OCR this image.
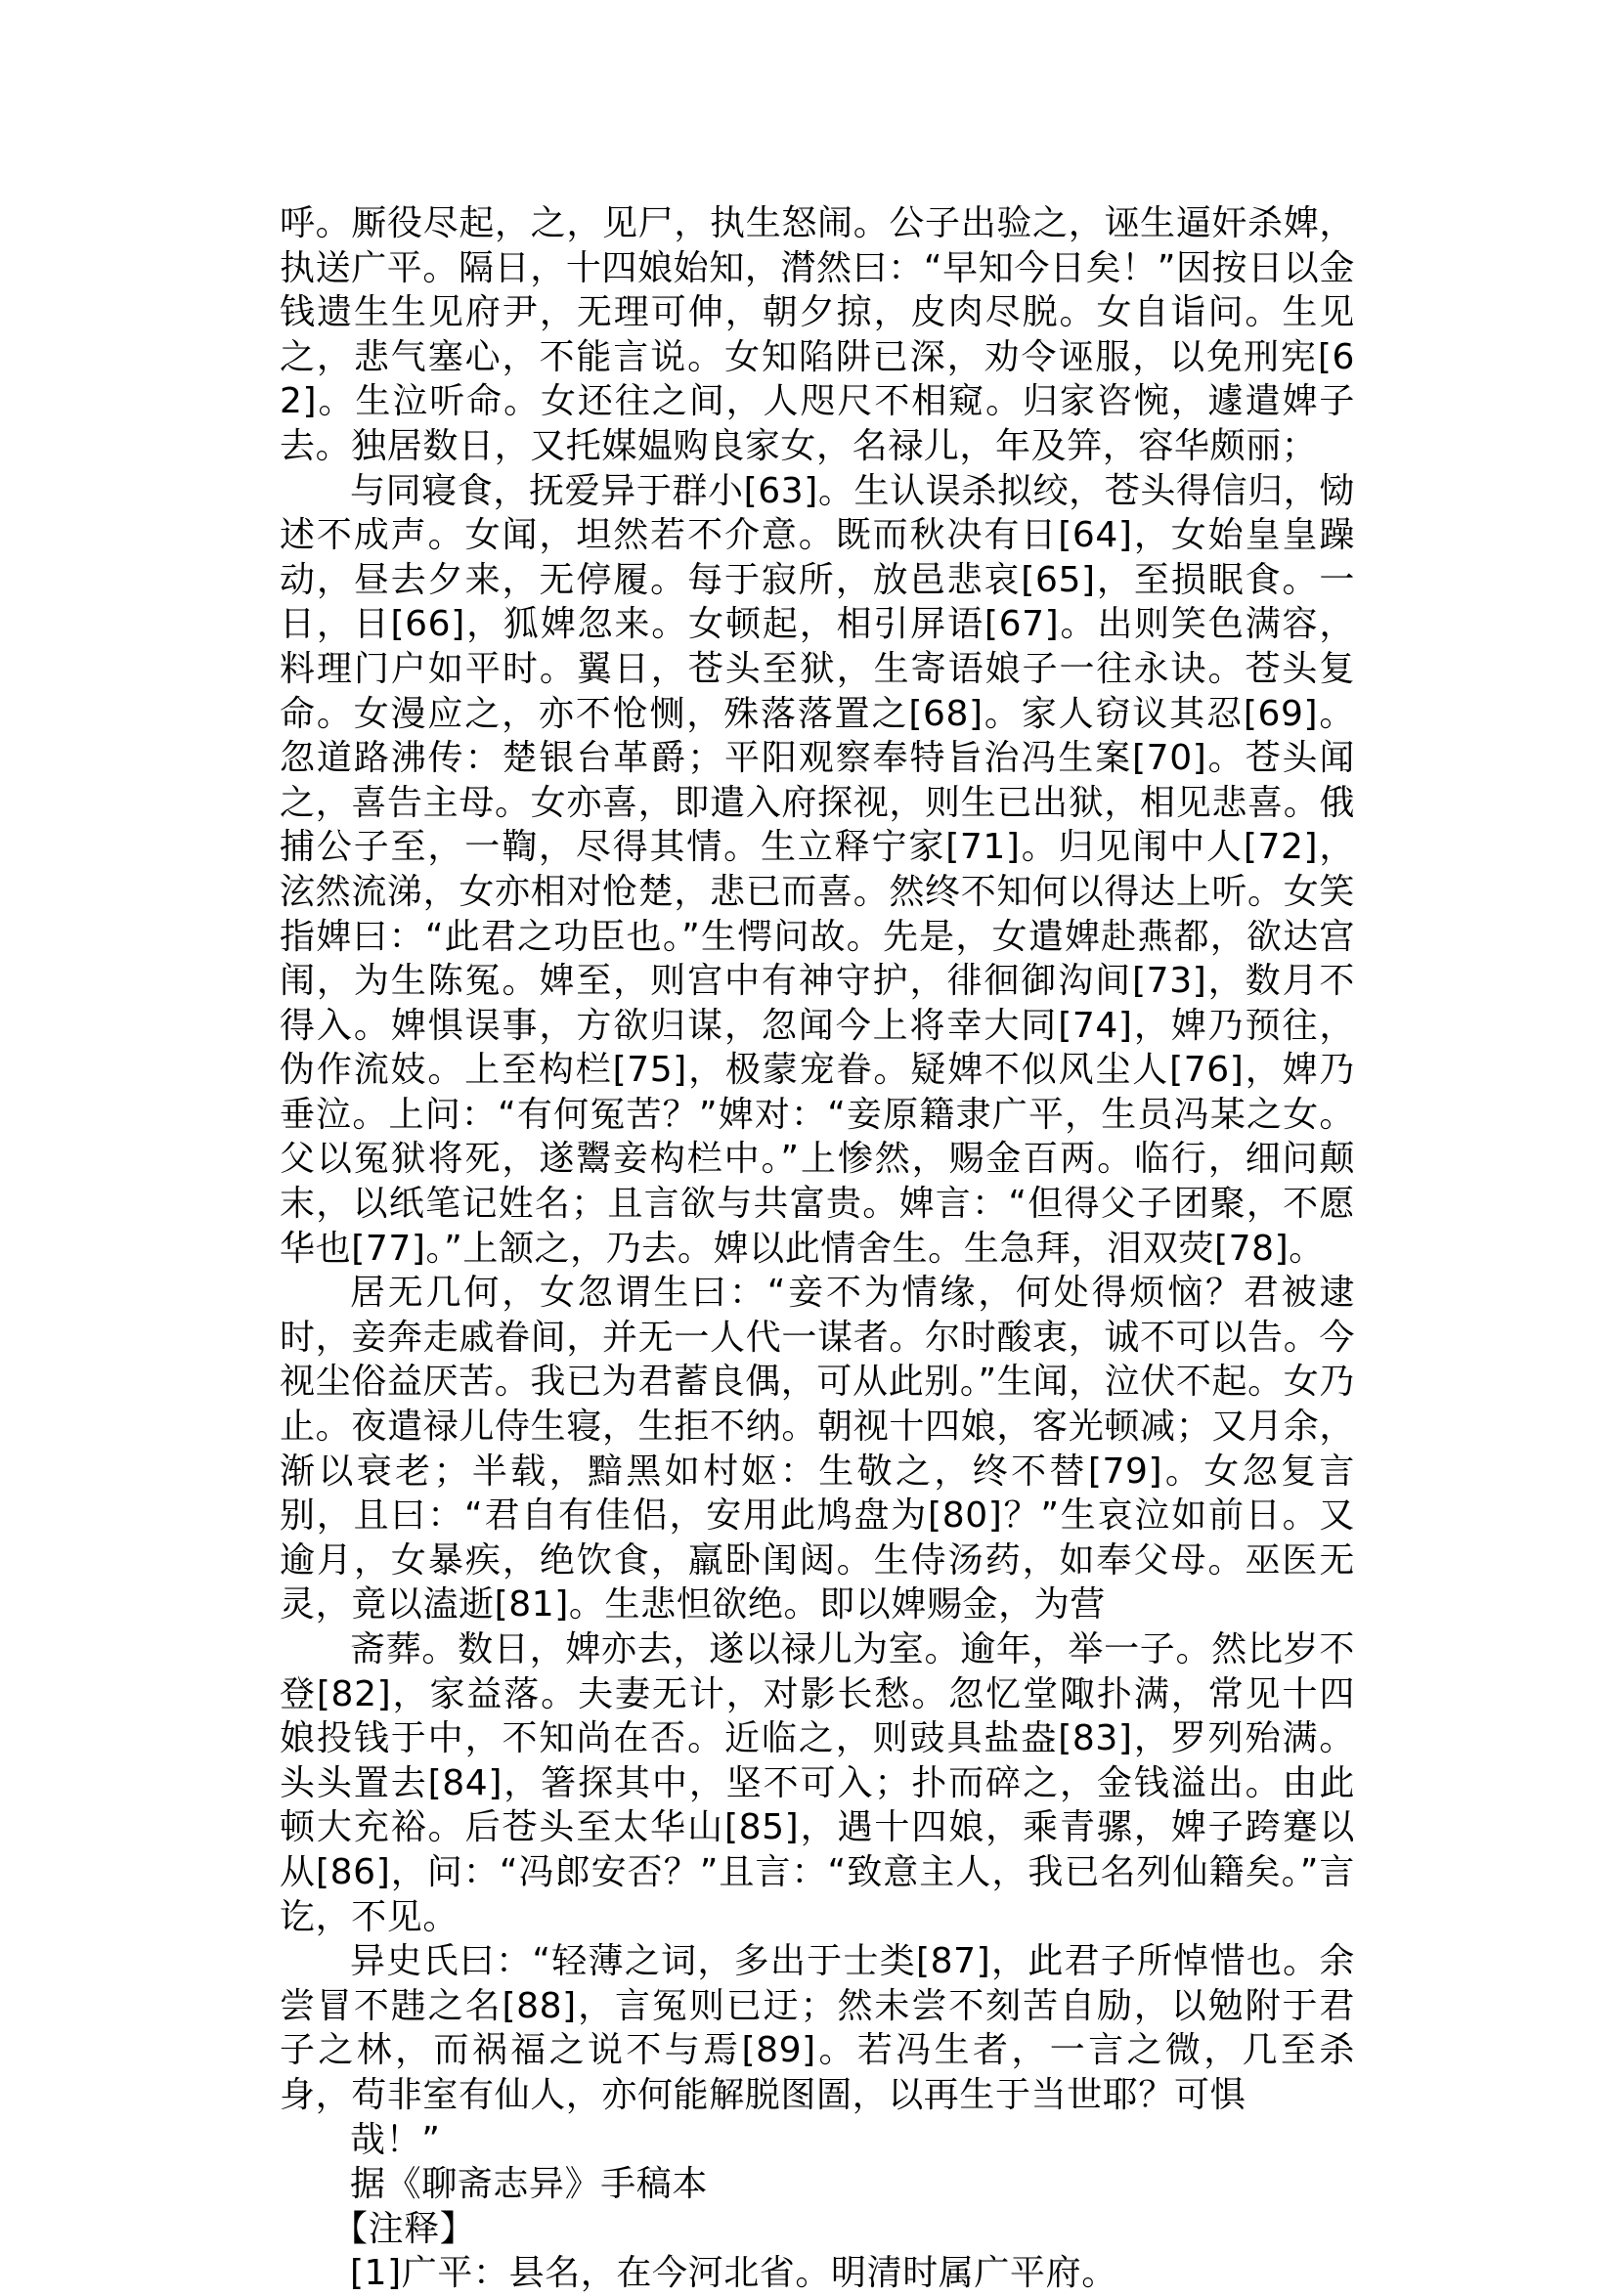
呼。厮役尽起，之，见尸，执生怒闹。公子出验之，诬生逼奸杀婢，执送广平。隔日，十四娘始知，潸然曰：“早知今日矣！”因按日以金钱遗生生见府尹，无理可伸，朝夕掠，皮肉尽脱。女自诣问。生见之，悲气塞心，不能言说。女知陷阱已深，劝令诬服，以免刑宪[62]。生泣听命。女还往之间，人咫尺不相窥。归家咨惋，遽遣婢子去。独居数日，又托媒媪购良家女，名禄儿，年及笄，容华颇丽；

与同寝食，抚爱异于群小[63]。生认误杀拟绞，苍头得信归，恸述不成声。女闻，坦然若不介意。既而秋决有日[64]，女始皇皇躁动，昼去夕来，无停履。每于寂所，放邑悲哀[65]，至损眠食。一日，日[66]，狐婢忽来。女顿起，相引屏语[67]。出则笑色满容，料理门户如平时。翼日，苍头至狱，生寄语娘子一往永诀。苍头复命。女漫应之，亦不怆恻，殊落落置之[68]。家人窃议其忍[69]。忽道路沸传：楚银台革爵；平阳观察奉特旨治冯生案[70]。苍头闻之，喜告主母。女亦喜，即遣入府探视，则生已出狱，相见悲喜。俄捕公子至，一鞫，尽得其情。生立释宁家[71]。归见闱中人[72]，泫然流涕，女亦相对怆楚，悲已而喜。然终不知何以得达上听。女笑指婢曰：“此君之功臣也。”生愕问故。先是，女遣婢赴燕都，欲达宫闱，为生陈冤。婢至，则宫中有神守护，徘徊御沟间[73]，数月不得入。婢惧误事，方欲归谋，忽闻今上将幸大同[74]，婢乃预往，伪作流妓。上至构栏[75]，极蒙宠眷。疑婢不似风尘人[76]，婢乃垂泣。上问：“有何冤苦？”婢对：“妾原籍隶广平，生员冯某之女。父以冤狱将死，遂鬻妾构栏中。”上惨然，赐金百两。临行，细问颠末，以纸笔记姓名；且言欲与共富贵。婢言：“但得父子团聚，不愿华也[77]。”上颔之，乃去。婢以此情舍生。生急拜，泪双荧[78]。

居无几何，女忽谓生曰：“妾不为情缘，何处得烦恼？君被逮时，妾奔走戚眷间，并无一人代一谋者。尔时酸衷，诚不可以告。今视尘俗益厌苦。我已为君蓄良偶，可从此别。”生闻，泣伏不起。女乃止。夜遣禄儿侍生寝，生拒不纳。朝视十四娘，客光顿减；又月余，渐以衰老；半载，黯黑如村妪：生敬之，终不替[79]。女忽复言别，且曰：“君自有佳侣，安用此鸠盘为[80]？”生哀泣如前日。又逾月，女暴疾，绝饮食，羸卧闺闼。生侍汤药，如奉父母。巫医无灵，竟以溘逝[81]。生悲怛欲绝。即以婢赐金，为营

斋葬。数日，婢亦去，遂以禄儿为室。逾年，举一子。然比岁不登[82]，家益落。夫妻无计，对影长愁。忽忆堂陬扑满，常见十四娘投钱于中，不知尚在否。近临之，则豉具盐盎[83]，罗列殆满。头头置去[84]，箸探其中，坚不可入；扑而碎之，金钱溢出。由此顿大充裕。后苍头至太华山[85]，遇十四娘，乘青骡，婢子跨蹇以从[86]，问：“冯郎安否？”且言：“致意主人，我已名列仙籍矣。”言讫，不见。

异史氏曰：“轻薄之词，多出于士类[87]，此君子所悼惜也。余尝冒不韪之名[88]，言冤则已迂；然未尝不刻苦自励，以勉附于君子之林，而祸福之说不与焉[89]。若冯生者，一言之微，几至杀身，苟非室有仙人，亦何能解脱图圄，以再生于当世耶？可惧

哉！”

据《聊斋志异》手稿本

【注释】

[1]广平：县名，在今河北省。明清时属广平府。
